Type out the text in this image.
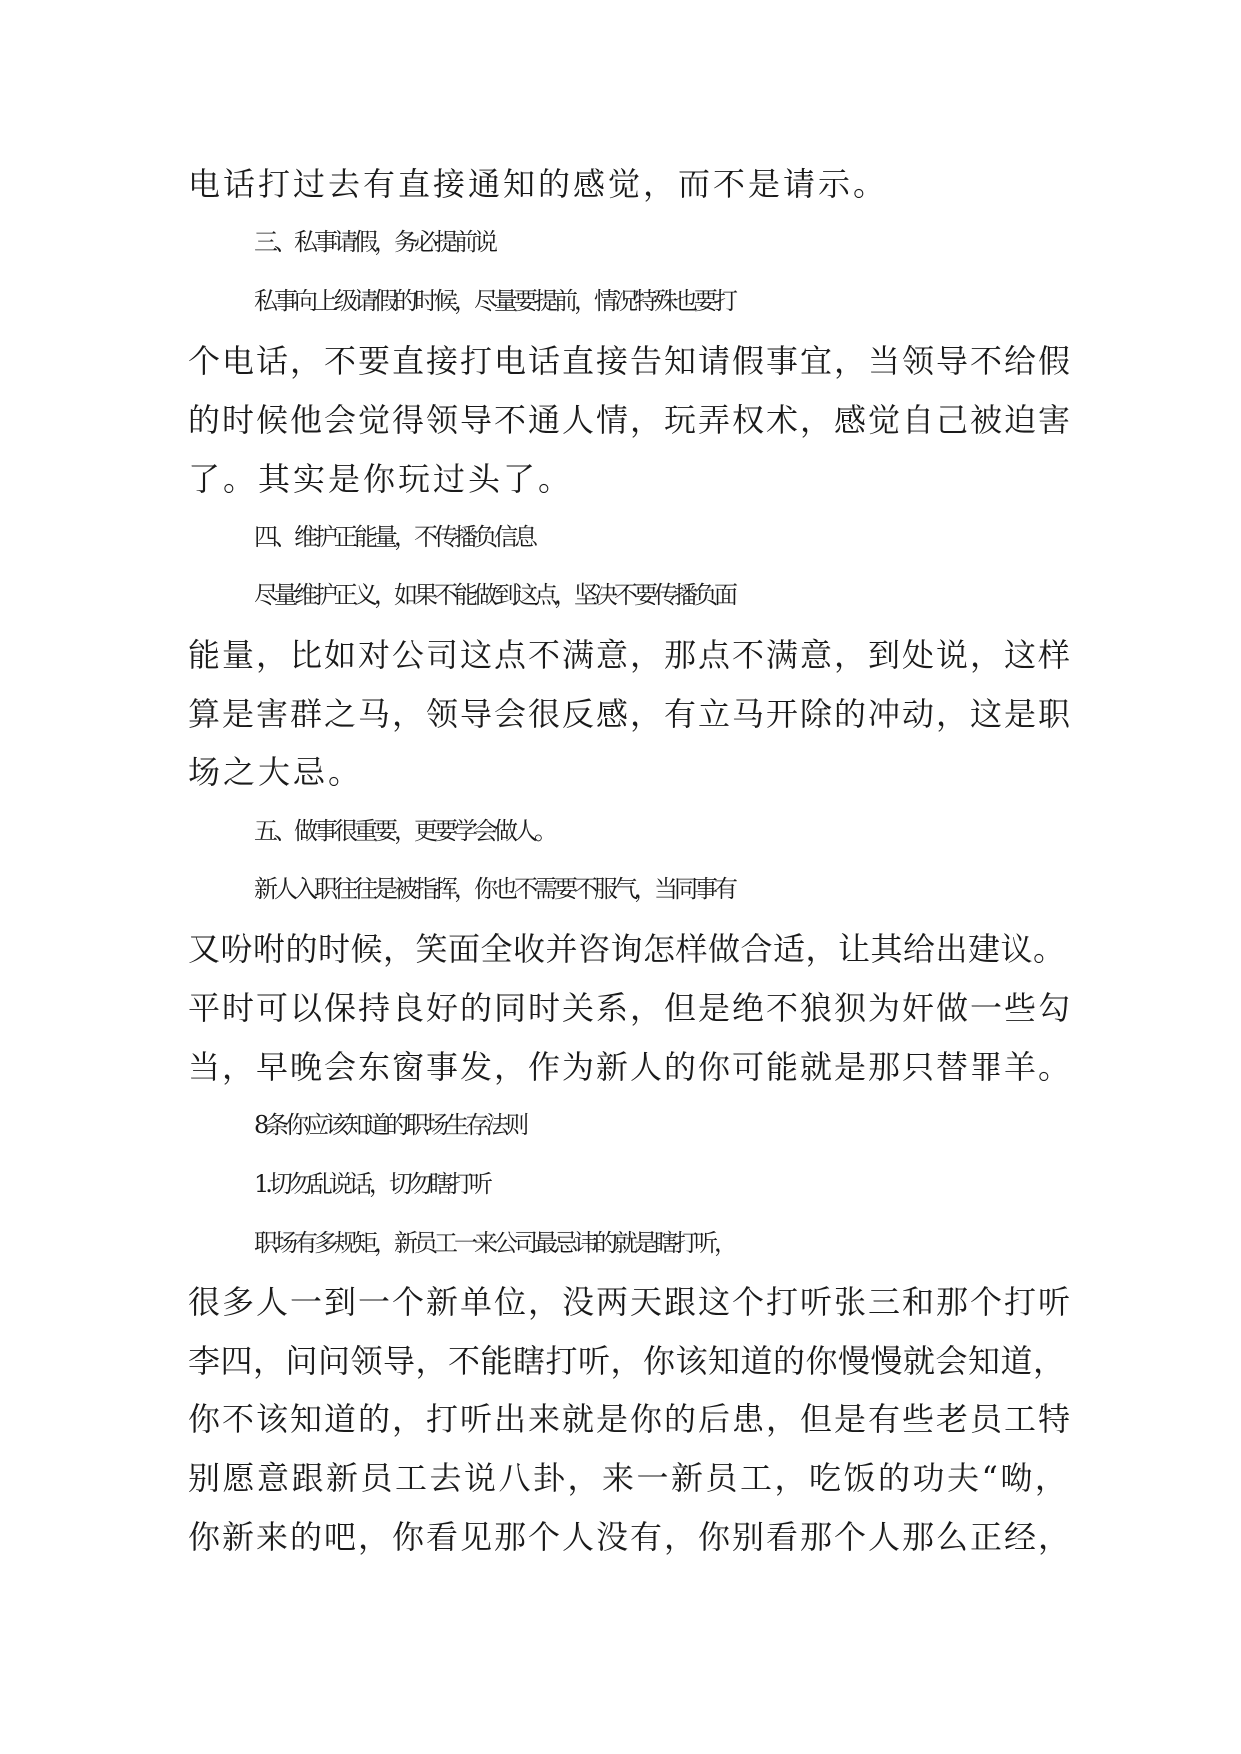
电话打过去有直接通知的感觉，而不是请示。
三、私事请假，务必提前说
私事向上级请假的时候，尽量要提前，情况特殊也要打
个电话，不要直接打电话直接告知请假事宜，当领导不给假
的时候他会觉得领导不通人情，玩弄权术，感觉自己被迫害
了。其实是你玩过头了。
四、维护正能量，不传播负信息
尽量维护正义，如果不能做到这点，坚决不要传播负面
能量，比如对公司这点不满意，那点不满意，到处说，这样
算是害群之马，领导会很反感，有立马开除的冲动，这是职
场之大忌。
五、做事很重要，更要学会做人。
新人入职往往是被指挥，你也不需要不服气，当同事有
又吩咐的时候，笑面全收并咨询怎样做合适，让其给出建议。
平时可以保持良好的同时关系，但是绝不狼狈为奸做一些勾
当，早晚会东窗事发，作为新人的你可能就是那只替罪羊。
8条你应该知道的职场生存法则
1.切勿乱说话，切勿瞎打听
职场有多规矩，新员工一来公司最忌讳的就是瞎打听，
很多人一到一个新单位，没两天跟这个打听张三和那个打听
李四，问问领导，不能瞎打听，你该知道的你慢慢就会知道，
你不该知道的，打听出来就是你的后患，但是有些老员工特
别愿意跟新员工去说八卦，来一新员工，吃饭的功夫“呦，
你新来的吧，你看见那个人没有，你别看那个人那么正经，
